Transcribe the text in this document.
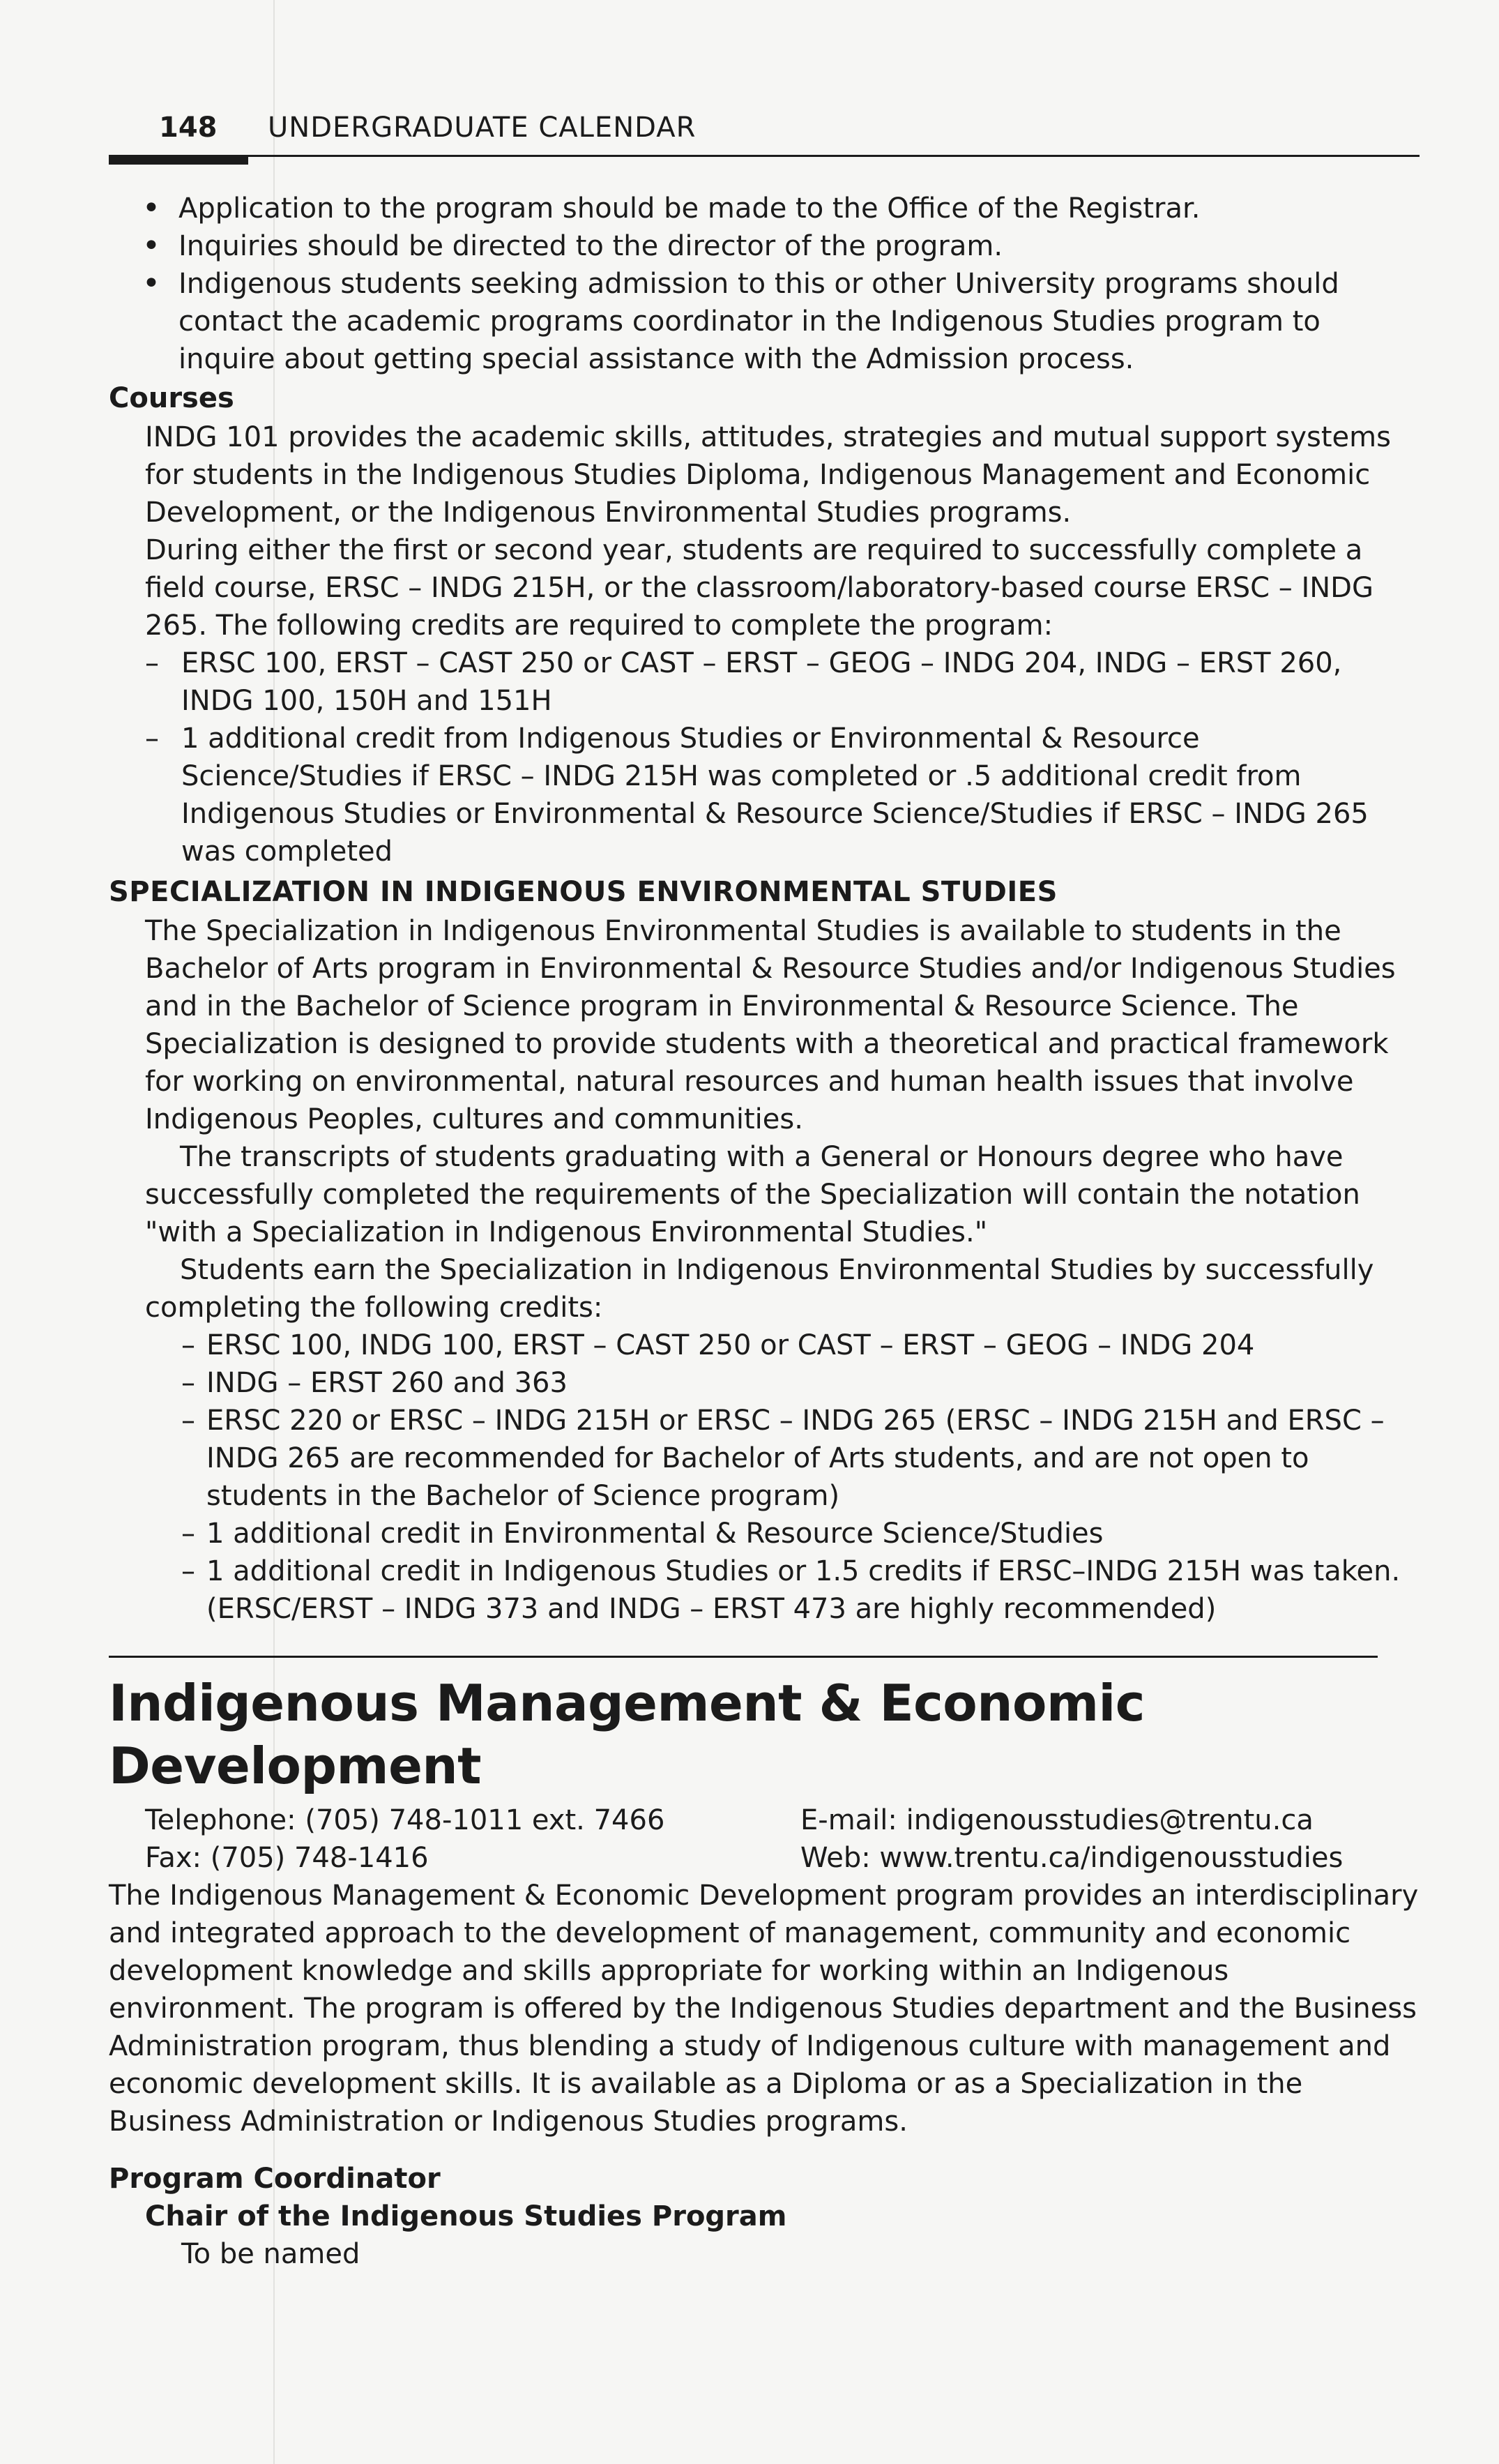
148 UNDERGRADUATE CALENDAR
• Application to the program should be made to the Office of the Registrar.
• Inquiries should be directed to the director of the program.
• Indigenous students seeking admission to this or other University programs should contact the academic programs coordinator in the Indigenous Studies program to inquire about getting special assistance with the Admission process.
Courses

INDG 101 provides the academic skills, attitudes, strategies and mutual support systems for students in the Indigenous Studies Diploma, Indigenous Management and Economic Development, or the Indigenous Environmental Studies programs.

During either the first or second year, students are required to successfully complete a field course, ERSC – INDG 215H, or the classroom/laboratory-based course ERSC – INDG 265. The following credits are required to complete the program:

– ERSC 100, ERST – CAST 250 or CAST – ERST – GEOG – INDG 204, INDG – ERST 260, INDG 100, 150H and 151H
– 1 additional credit from Indigenous Studies or Environmental & Resource Science/Studies if ERSC – INDG 215H was completed or .5 additional credit from Indigenous Studies or Environmental & Resource Science/Studies if ERSC – INDG 265 was completed
SPECIALIZATION IN INDIGENOUS ENVIRONMENTAL STUDIES

The Specialization in Indigenous Environmental Studies is available to students in the Bachelor of Arts program in Environmental & Resource Studies and/or Indigenous Studies and in the Bachelor of Science program in Environmental & Resource Science. The Specialization is designed to provide students with a theoretical and practical framework for working on environmental, natural resources and human health issues that involve Indigenous Peoples, cultures and communities.

The transcripts of students graduating with a General or Honours degree who have successfully completed the requirements of the Specialization will contain the notation "with a Specialization in Indigenous Environmental Studies."

Students earn the Specialization in Indigenous Environmental Studies by successfully completing the following credits:

– ERSC 100, INDG 100, ERST – CAST 250 or CAST – ERST – GEOG – INDG 204
– INDG – ERST 260 and 363
– ERSC 220 or ERSC – INDG 215H or ERSC – INDG 265 (ERSC – INDG 215H and ERSC – INDG 265 are recommended for Bachelor of Arts students, and are not open to students in the Bachelor of Science program)
– 1 additional credit in Environmental & Resource Science/Studies
– 1 additional credit in Indigenous Studies or 1.5 credits if ERSC–INDG 215H was taken. (ERSC/ERST – INDG 373 and INDG – ERST 473 are highly recommended)
Indigenous Management & Economic Development
Telephone: (705) 748-1011 ext. 7466	E-mail: indigenousstudies@trentu.ca
Fax: (705) 748-1416	Web: www.trentu.ca/indigenousstudies

The Indigenous Management & Economic Development program provides an interdisciplinary and integrated approach to the development of management, community and economic development knowledge and skills appropriate for working within an Indigenous environment. The program is offered by the Indigenous Studies department and the Business Administration program, thus blending a study of Indigenous culture with management and economic development skills. It is available as a Diploma or as a Specialization in the Business Administration or Indigenous Studies programs.

Program Coordinator
Chair of the Indigenous Studies Program
To be named
